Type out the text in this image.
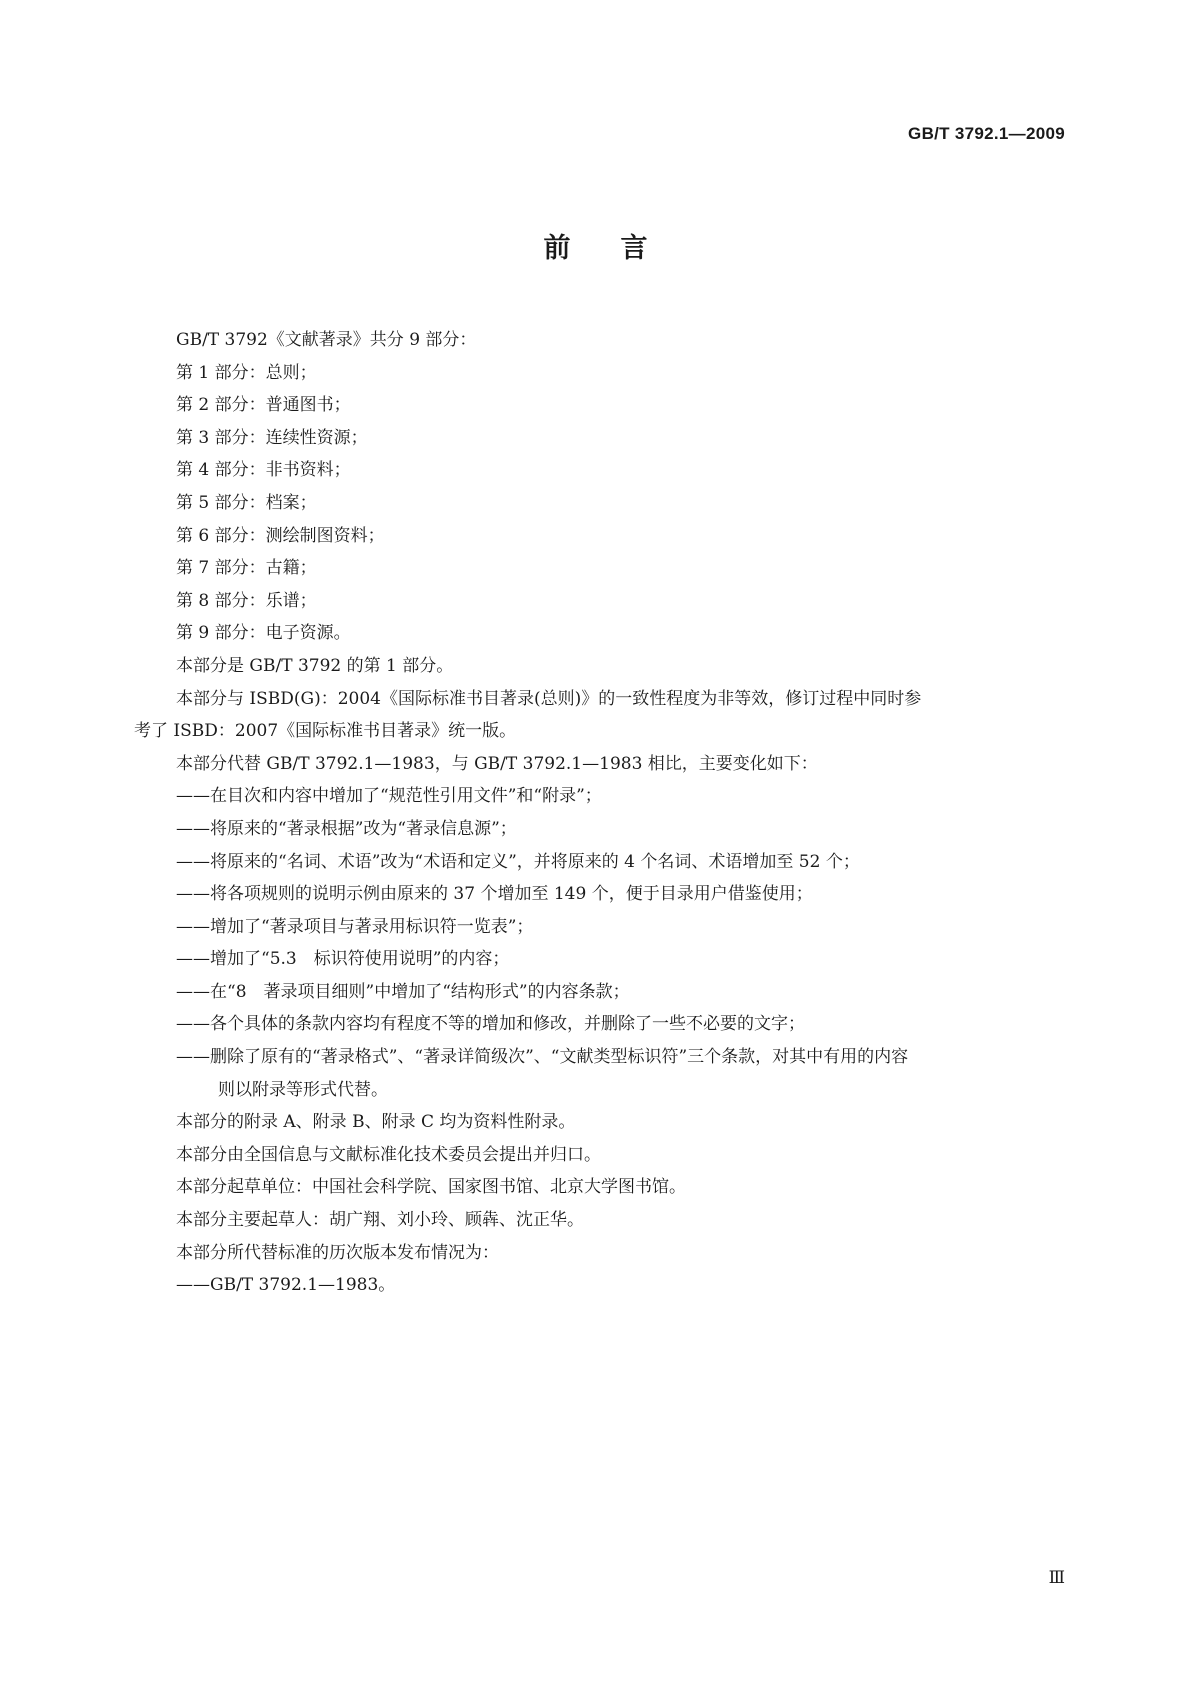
GB/T 3792.1—2009
前言

GB/T 3792《文献著录》共分 9 部分：

第 1 部分：总则；

第 2 部分：普通图书；

第 3 部分：连续性资源；

第 4 部分：非书资料；

第 5 部分：档案；

第 6 部分：测绘制图资料；

第 7 部分：古籍；

第 8 部分：乐谱；

第 9 部分：电子资源。

本部分是 GB/T 3792 的第 1 部分。

本部分与 ISBD(G)：2004《国际标准书目著录(总则)》的一致性程度为非等效，修订过程中同时参

考了 ISBD：2007《国际标准书目著录》统一版。

本部分代替 GB/T 3792.1—1983，与 GB/T 3792.1—1983 相比，主要变化如下：

——在目次和内容中增加了“规范性引用文件”和“附录”；

——将原来的“著录根据”改为“著录信息源”；

——将原来的“名词、术语”改为“术语和定义”，并将原来的 4 个名词、术语增加至 52 个；

——将各项规则的说明示例由原来的 37 个增加至 149 个，便于目录用户借鉴使用；

——增加了“著录项目与著录用标识符一览表”；

——增加了“5.3　标识符使用说明”的内容；

——在“8　著录项目细则”中增加了“结构形式”的内容条款；

——各个具体的条款内容均有程度不等的增加和修改，并删除了一些不必要的文字；

——删除了原有的“著录格式”、“著录详简级次”、“文献类型标识符”三个条款，对其中有用的内容

则以附录等形式代替。

本部分的附录 A、附录 B、附录 C 均为资料性附录。

本部分由全国信息与文献标准化技术委员会提出并归口。

本部分起草单位：中国社会科学院、国家图书馆、北京大学图书馆。

本部分主要起草人：胡广翔、刘小玲、顾犇、沈正华。

本部分所代替标准的历次版本发布情况为：

——GB/T 3792.1—1983。

Ⅲ
